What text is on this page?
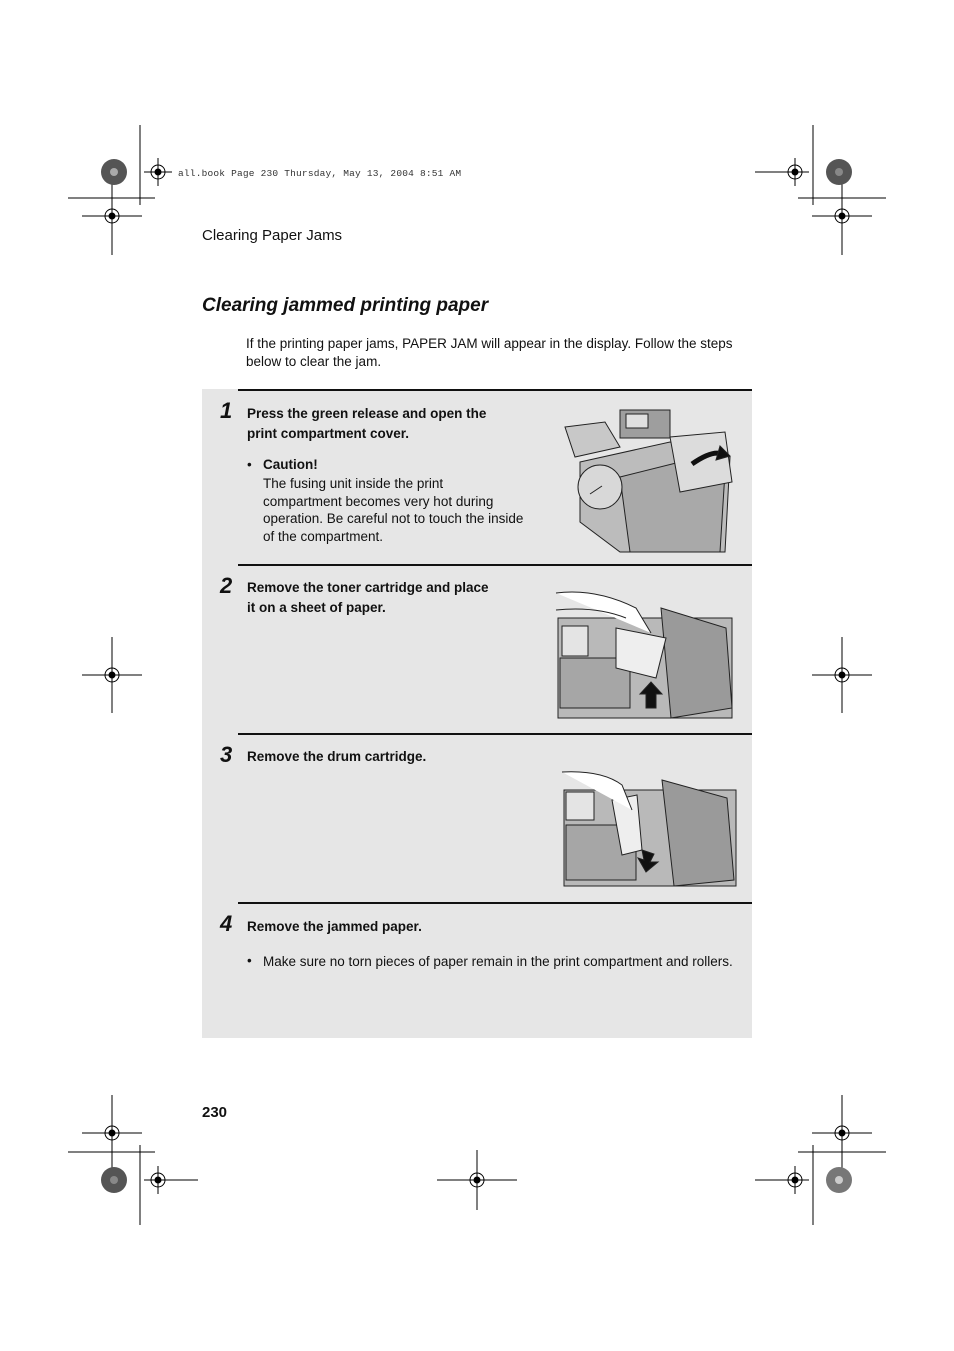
all.book Page 230 Thursday, May 13, 2004 8:51 AM
Clearing Paper Jams
Clearing jammed printing paper
If the printing paper jams, PAPER JAM will appear in the display. Follow the steps below to clear the jam.
1 Press the green release and open the
print compartment cover.
• Caution!
The fusing unit inside the print compartment becomes very hot during operation. Be careful not to touch the inside of the compartment.
2 Remove the toner cartridge and place
it on a sheet of paper.
3 Remove the drum cartridge.
4 Remove the jammed paper.
• Make sure no torn pieces of paper remain in the print compartment and rollers.
230
